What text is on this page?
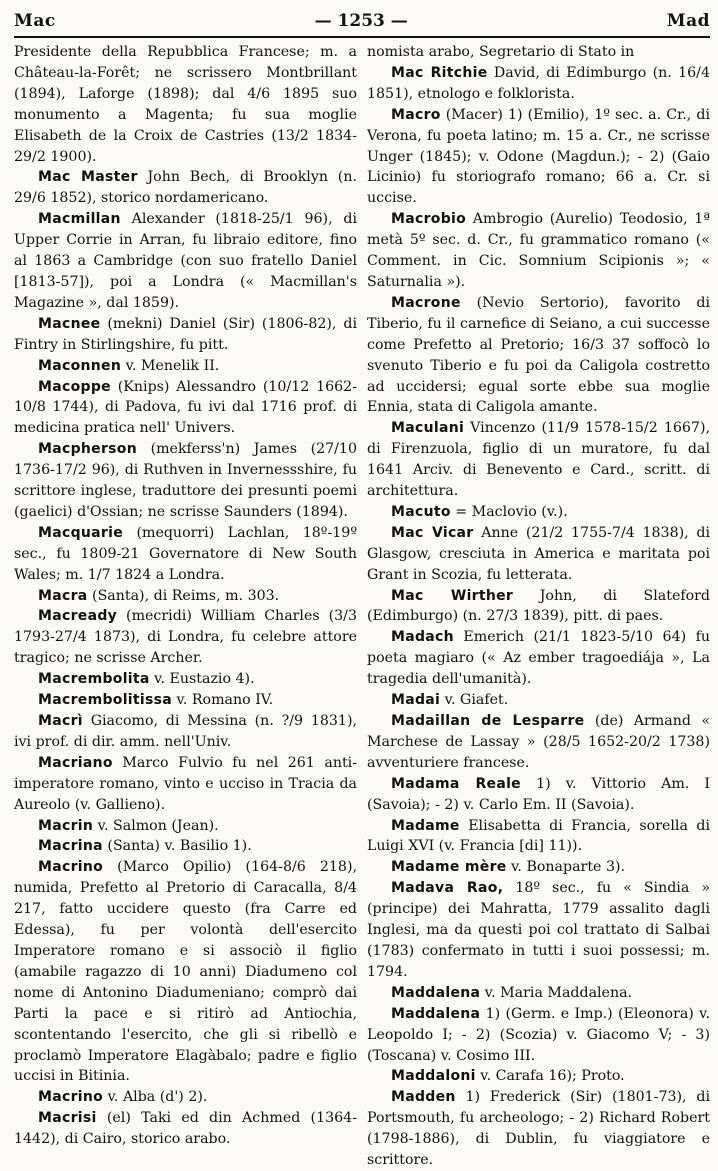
Mac	— 1253 —	Mad

Presidente della Repubblica Francese; m. a Château-la-Forêt; ne scrissero Montbrillant (1894), Laforge (1898); dal 4/6 1895 suo monumento a Magenta; fu sua moglie Elisabeth de la Croix de Castries (13/2 1834-29/2 1900).

Mac Master John Bech, di Brooklyn (n. 29/6 1852), storico nordamericano.

Macmillan Alexander (1818-25/1 96), di Upper Corrie in Arran, fu libraio editore, fino al 1863 a Cambridge (con suo fratello Daniel [1813-57]), poi a Londra (« Macmillan's Magazine », dal 1859).

Macnee (mekni) Daniel (Sir) (1806-82), di Fintry in Stirlingshire, fu pitt.

Maconnen v. Menelik II.

Macoppe (Knips) Alessandro (10/12 1662-10/8 1744), di Padova, fu ivi dal 1716 prof. di medicina pratica nell' Univers.

Macpherson (mekferss'n) James (27/10 1736-17/2 96), di Ruthven in Invernessshire, fu scrittore inglese, traduttore dei presunti poemi (gaelici) d'Ossian; ne scrisse Saunders (1894).

Macquarie (mequorri) Lachlan, 18º-19º sec., fu 1809-21 Governatore di New South Wales; m. 1/7 1824 a Londra.

Macra (Santa), di Reims, m. 303.

Macready (mecridi) William Charles (3/3 1793-27/4 1873), di Londra, fu celebre attore tragico; ne scrisse Archer.

Macrembolita v. Eustazio 4).

Macrembolitissa v. Romano IV.

Macrì Giacomo, di Messina (n. ?/9 1831), ivi prof. di dir. amm. nell'Univ.

Macriano Marco Fulvio fu nel 261 anti-imperatore romano, vinto e ucciso in Tracia da Aureolo (v. Gallieno).

Macrin v. Salmon (Jean).

Macrina (Santa) v. Basilio 1).

Macrino (Marco Opilio) (164-8/6 218), numida, Prefetto al Pretorio di Caracalla, 8/4 217, fatto uccidere questo (fra Carre ed Edessa), fu per volontà dell'esercito Imperatore romano e si associò il figlio (amabile ragazzo di 10 anni) Diadumeno col nome di Antonino Diadumeniano; comprò dai Parti la pace e si ritirò ad Antiochia, scontentando l'esercito, che gli si ribellò e proclamò Imperatore Elagàbalo; padre e figlio uccisi in Bitinia.

Macrino v. Alba (d') 2).

Macrisi (el) Taki ed din Achmed (1364-1442), di Cairo, storico arabo.

nomista arabo, Segretario di Stato in

Mac Ritchie David, di Edimburgo (n. 16/4 1851), etnologo e folklorista.

Macro (Macer) 1) (Emilio), 1º sec. a. Cr., di Verona, fu poeta latino; m. 15 a. Cr., ne scrisse Unger (1845); v. Odone (Magdun.); - 2) (Gaio Licinio) fu storiografo romano; 66 a. Cr. si uccise.

Macrobio Ambrogio (Aurelio) Teodosio, 1ª metà 5º sec. d. Cr., fu grammatico romano (« Comment. in Cic. Somnium Scipionis »; « Saturnalia »).

Macrone (Nevio Sertorio), favorito di Tiberio, fu il carnefice di Seiano, a cui successe come Prefetto al Pretorio; 16/3 37 soffocò lo svenuto Tiberio e fu poi da Caligola costretto ad uccidersi; egual sorte ebbe sua moglie Ennia, stata di Caligola amante.

Maculani Vincenzo (11/9 1578-15/2 1667), di Firenzuola, figlio di un muratore, fu dal 1641 Arciv. di Benevento e Card., scritt. di architettura.

Macuto = Maclovio (v.).

Mac Vicar Anne (21/2 1755-7/4 1838), di Glasgow, cresciuta in America e maritata poi Grant in Scozia, fu letterata.

Mac Wirther John, di Slateford (Edimburgo) (n. 27/3 1839), pitt. di paes.

Madach Emerich (21/1 1823-5/10 64) fu poeta magiaro (« Az ember tragoediája », La tragedia dell'umanità).

Madai v. Giafet.

Madaillan de Lesparre (de) Armand « Marchese de Lassay » (28/5 1652-20/2 1738) avventuriere francese.

Madama Reale 1) v. Vittorio Am. I (Savoia); - 2) v. Carlo Em. II (Savoia).

Madame Elisabetta di Francia, sorella di Luigi XVI (v. Francia [di] 11)).

Madame mère v. Bonaparte 3).

Madava Rao, 18º sec., fu « Sindia » (principe) dei Mahratta, 1779 assalito dagli Inglesi, ma da questi poi col trattato di Salbai (1783) confermato in tutti i suoi possessi; m. 1794.

Maddalena v. Maria Maddalena.

Maddalena 1) (Germ. e Imp.) (Eleonora) v. Leopoldo I; - 2) (Scozia) v. Giacomo V; - 3) (Toscana) v. Cosimo III.

Maddaloni v. Carafa 16); Proto.

Madden 1) Frederick (Sir) (1801-73), di Portsmouth, fu archeologo; - 2) Richard Robert (1798-1886), di Dublin, fu viaggiatore e scrittore.
